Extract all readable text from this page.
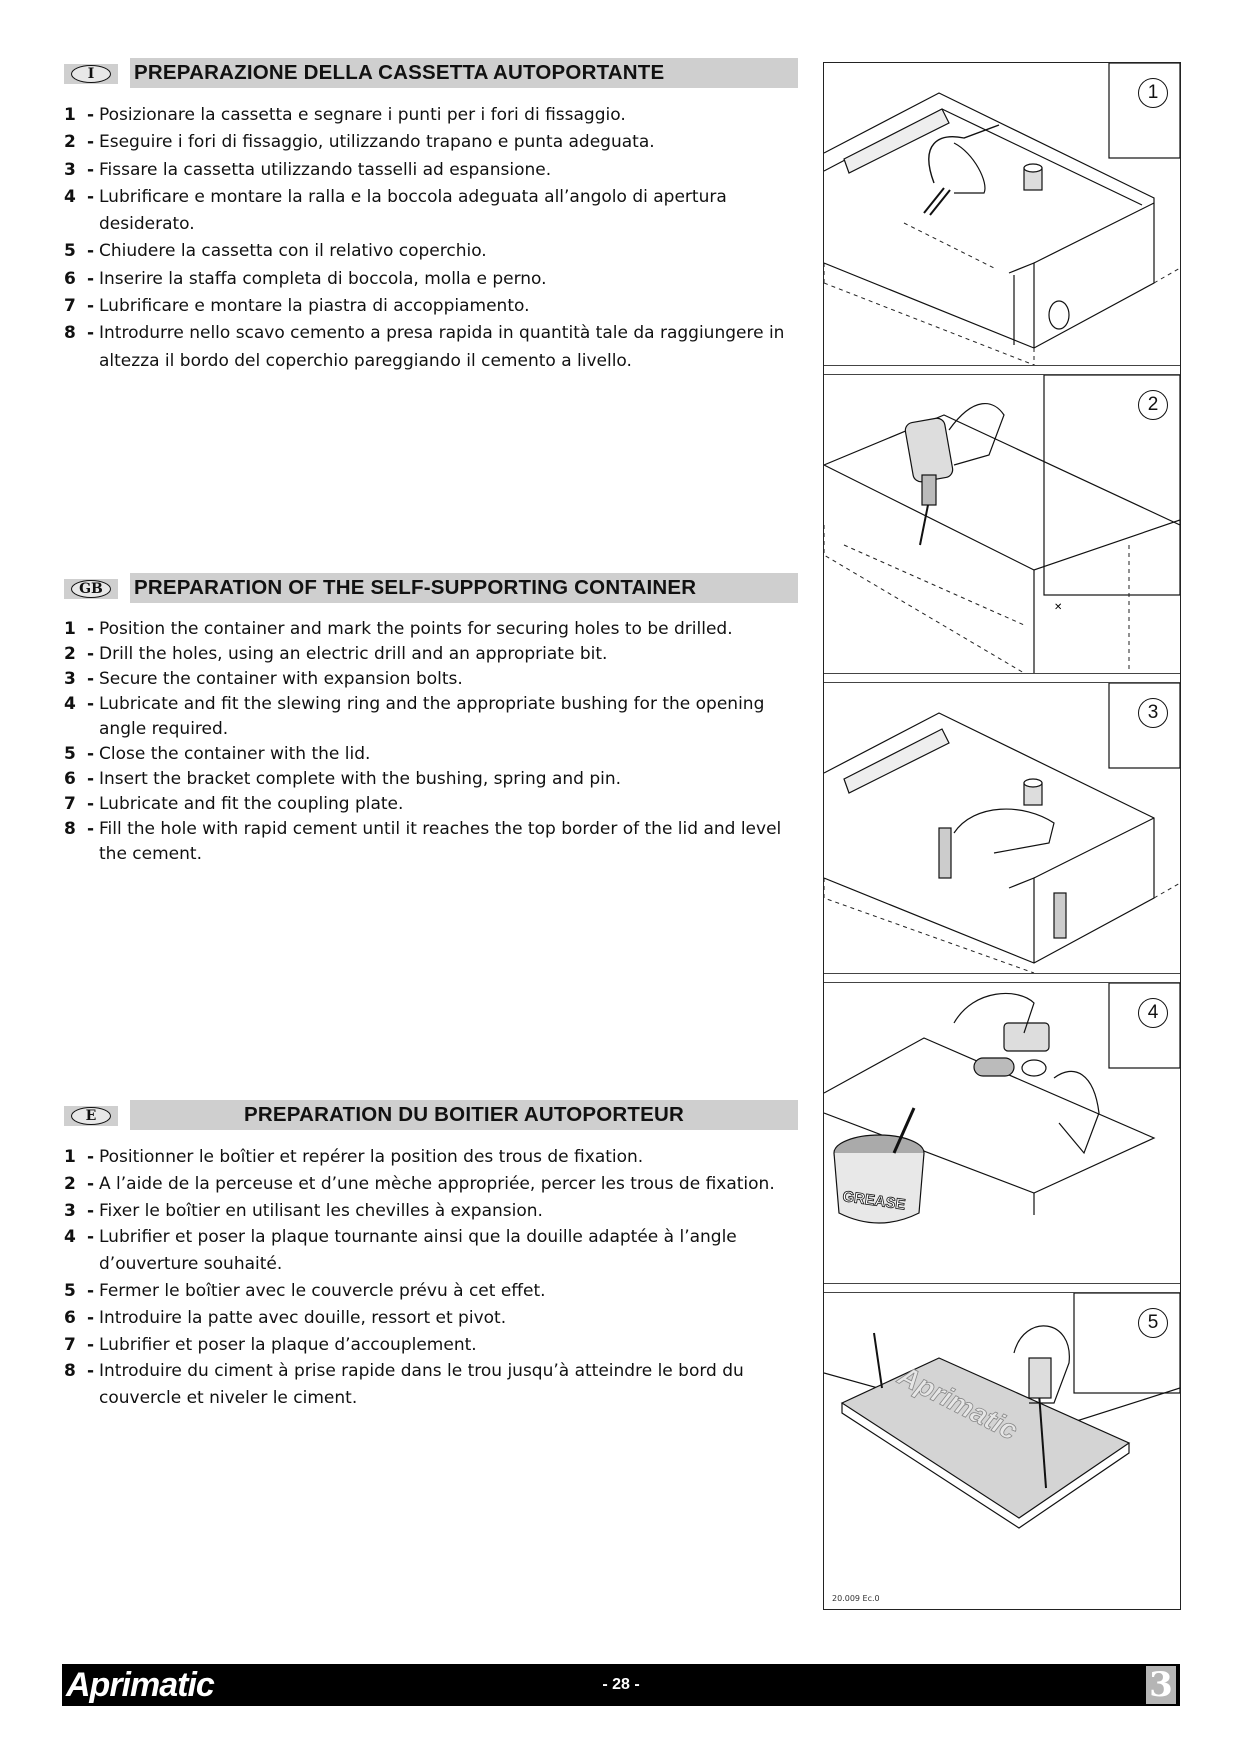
I	PREPARAZIONE DELLA CASSETTA AUTOPORTANTE
1 - Posizionare la cassetta e segnare i punti per i fori di fissaggio.
2 - Eseguire i fori di fissaggio, utilizzando trapano e punta adeguata.
3 - Fissare la cassetta utilizzando tasselli ad espansione.
4 - Lubrificare e montare la ralla e la boccola adeguata all’angolo di apertura desiderato.
5 - Chiudere la cassetta con il relativo coperchio.
6 - Inserire la staffa completa di boccola, molla e perno.
7 - Lubrificare e montare la piastra di accoppiamento.
8 - Introdurre nello scavo cemento a presa rapida in quantità tale da raggiungere in altezza il bordo del coperchio pareggiando il cemento a livello.
GB	PREPARATION OF THE SELF-SUPPORTING CONTAINER
1 - Position the container and mark the points for securing holes to be drilled.
2 - Drill the holes, using an electric drill and an appropriate bit.
3 - Secure the container with expansion bolts.
4 - Lubricate and fit the slewing ring and the appropriate bushing for the opening angle required.
5 - Close the container with the lid.
6 - Insert the bracket complete with the bushing, spring and pin.
7 - Lubricate and fit the coupling plate.
8 - Fill the hole with rapid cement until it reaches the top border of the lid and level the cement.
E	PREPARATION DU BOITIER AUTOPORTEUR
1 - Positionner le boîtier et repérer la position des trous de fixation.
2 - A l’aide de la perceuse et d’une mèche appropriée, percer les trous de fixation.
3 - Fixer le boîtier en utilisant les chevilles à expansion.
4 - Lubrifier et poser la plaque tournante ainsi que la douille adaptée à l’angle d’ouverture souhaité.
5 - Fermer le boîtier avec le couvercle prévu à cet effet.
6 - Introduire la patte avec douille, ressort et pivot.
7 - Lubrifier et poser la plaque d’accouplement.
8 - Introduire du ciment à prise rapide dans le trou jusqu’à atteindre le bord du couvercle et niveler le ciment.
1
✕
2
3
GREASE
4
Aprimatic
5
20.009 Ec.0
Aprimatic	- 28 -	3
